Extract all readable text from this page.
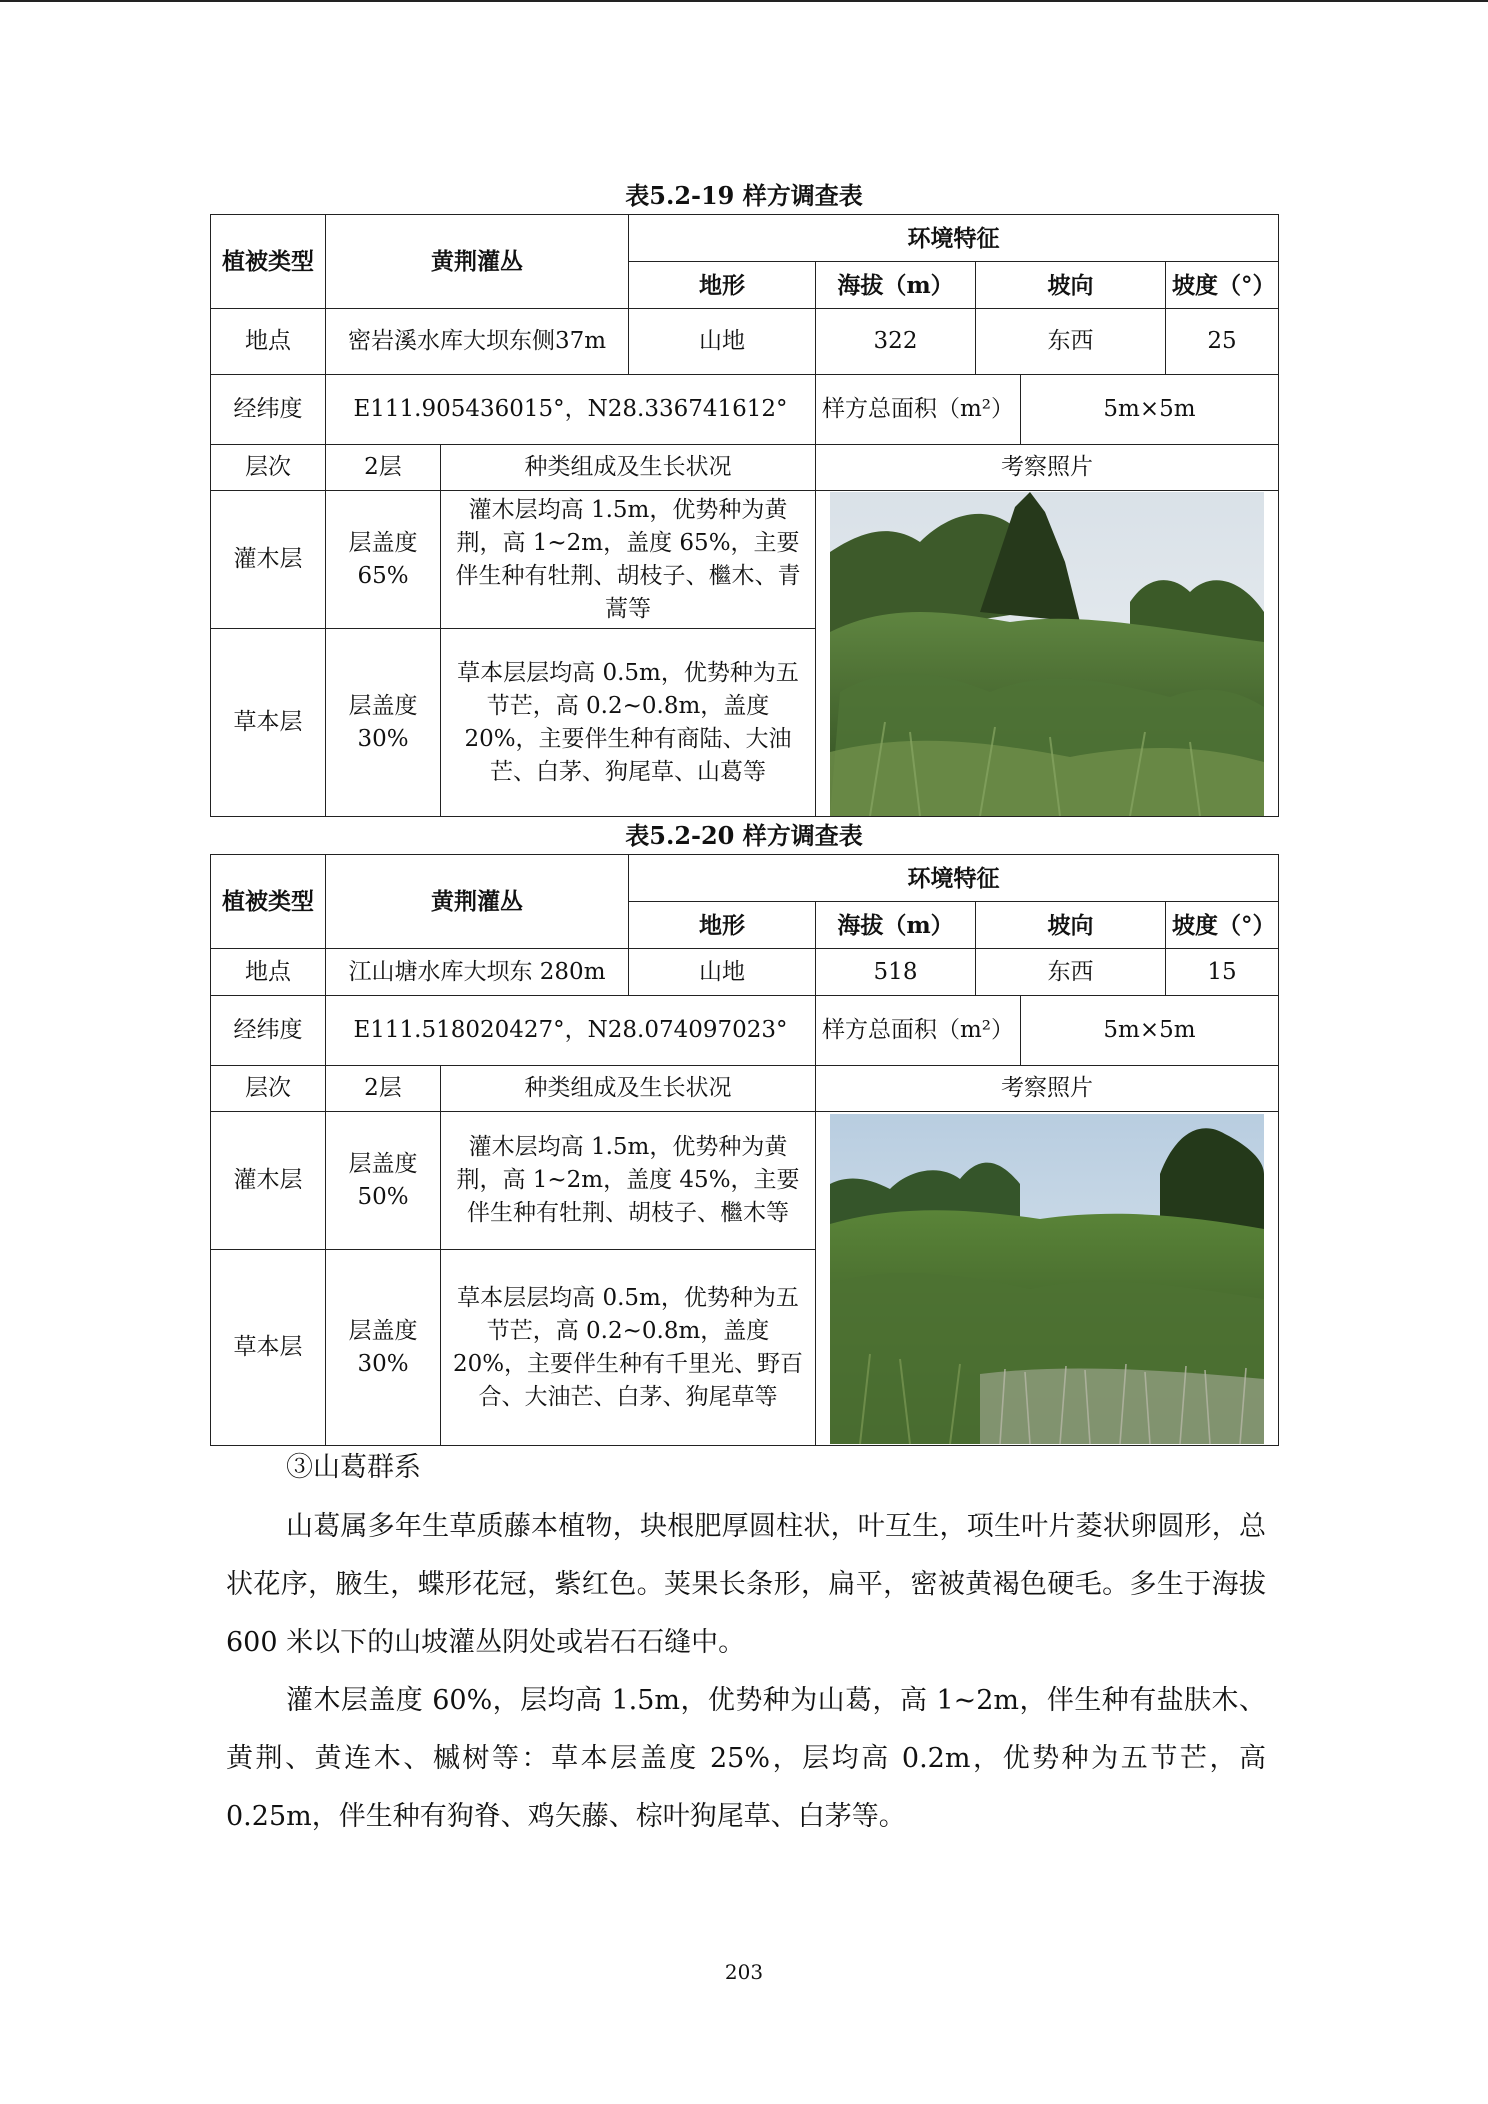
表5.2-19 样方调查表
植被类型	黄荆灌丛		环境特征				
			地形	海拔（m）	坡向		坡度（°）
地点	密岩溪水库大坝东侧37m		山地	322	东西		25
经纬度	E111.905436015°，N28.336741612°			样方总面积（m²）		5m×5m	
层次	2层	种类组成及生长状况		考察照片			
灌木层	层盖度65%	灌木层均高 1.5m，优势种为黄荆，高 1~2m，盖度 65%，主要伴生种有牡荆、胡枝子、檵木、青蒿等	

草本层	层盖度30%	草本层层均高 0.5m，优势种为五节芒，高 0.2~0.8m，盖度 20%，主要伴生种有商陆、大油芒、白茅、狗尾草、山葛等					
表5.2-20 样方调查表
植被类型	黄荆灌丛		环境特征				
			地形	海拔（m）	坡向		坡度（°）
地点	江山塘水库大坝东 280m		山地	518	东西		15
经纬度	E111.518020427°，N28.074097023°			样方总面积（m²）		5m×5m	
层次	2层	种类组成及生长状况		考察照片			
灌木层	层盖度50%	灌木层均高 1.5m，优势种为黄荆，高 1~2m，盖度 45%，主要伴生种有牡荆、胡枝子、檵木等	

草本层	层盖度30%	草本层层均高 0.5m，优势种为五节芒，高 0.2~0.8m，盖度 20%，主要伴生种有千里光、野百合、大油芒、白茅、狗尾草等					
③山葛群系

山葛属多年生草质藤本植物，块根肥厚圆柱状，叶互生，项生叶片菱状卵圆形，总状花序，腋生，蝶形花冠，紫红色。荚果长条形，扁平，密被黄褐色硬毛。多生于海拔 600 米以下的山坡灌丛阴处或岩石石缝中。

灌木层盖度 60%，层均高 1.5m，优势种为山葛，高 1~2m，伴生种有盐肤木、黄荆、黄连木、槭树等：草本层盖度 25%，层均高 0.2m，优势种为五节芒，高 0.25m，伴生种有狗脊、鸡矢藤、棕叶狗尾草、白茅等。

203
